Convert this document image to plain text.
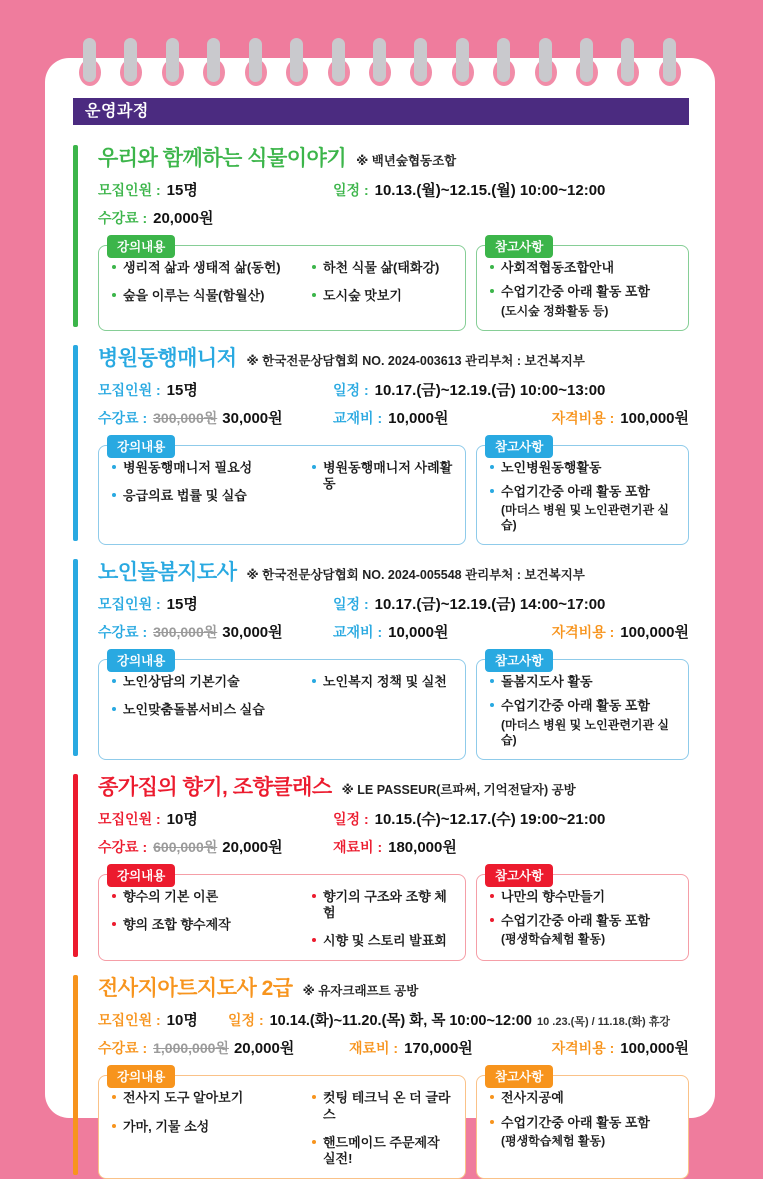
운영과정
우리와 함께하는 식물이야기 ※ 백년숲협동조합
모집인원 : 15명	일정 : 10.13.(월)~12.15.(월) 10:00~12:00
수강료 : 20,000원
강의내용
생리적 삶과 생태적 삶(동헌)
숲을 이루는 식물(함월산)
하천 식물 삶(태화강)
도시숲 맛보기
참고사항
사회적협동조합안내
수업기간중 아래 활동 포함
(도시숲 정화활동 등)
병원동행매니저 ※ 한국전문상담협회 NO. 2024-003613 관리부처 : 보건복지부
모집인원 : 15명	일정 : 10.17.(금)~12.19.(금) 10:00~13:00
수강료 : 300,000원 30,000원	교재비 : 10,000원	자격비용 : 100,000원
강의내용
병원동행매니저 필요성
응급의료 법률 및 실습
병원동행매니저 사례활동
참고사항
노인병원동행활동
수업기간중 아래 활동 포함
(마더스 병원 및 노인관련기관 실습)
노인돌봄지도사 ※ 한국전문상담협회 NO. 2024-005548 관리부처 : 보건복지부
모집인원 : 15명	일정 : 10.17.(금)~12.19.(금) 14:00~17:00
수강료 : 300,000원 30,000원	교재비 : 10,000원	자격비용 : 100,000원
강의내용
노인상담의 기본기술
노인맞춤돌봄서비스 실습
노인복지 정책 및 실천
참고사항
돌봄지도사 활동
수업기간중 아래 활동 포함
(마더스 병원 및 노인관련기관 실습)
종가집의 향기, 조향클래스 ※ LE PASSEUR(르파써, 기억전달자) 공방
모집인원 : 10명	일정 : 10.15.(수)~12.17.(수) 19:00~21:00
수강료 : 600,000원 20,000원	재료비 : 180,000원
강의내용
향수의 기본 이론
향의 조합 향수제작
향기의 구조와 조향 체험
시향 및 스토리 발표회
참고사항
나만의 향수만들기
수업기간중 아래 활동 포함
(평생학습체험 활동)
전사지아트지도사 2급 ※ 유자크래프트 공방
모집인원 : 10명 일정 : 10.14.(화)~11.20.(목) 화, 목 10:00~12:00 10 .23.(목) / 11.18.(화) 휴강
수강료 : 1,000,000원 20,000원	재료비 : 170,000원	자격비용 : 100,000원
강의내용
전사지 도구 알아보기
가마, 기물 소성
컷팅 테크닉 온 더 글라스
핸드메이드 주문제작 실전!
참고사항
전사지공예
수업기간중 아래 활동 포함
(평생학습체험 활동)
